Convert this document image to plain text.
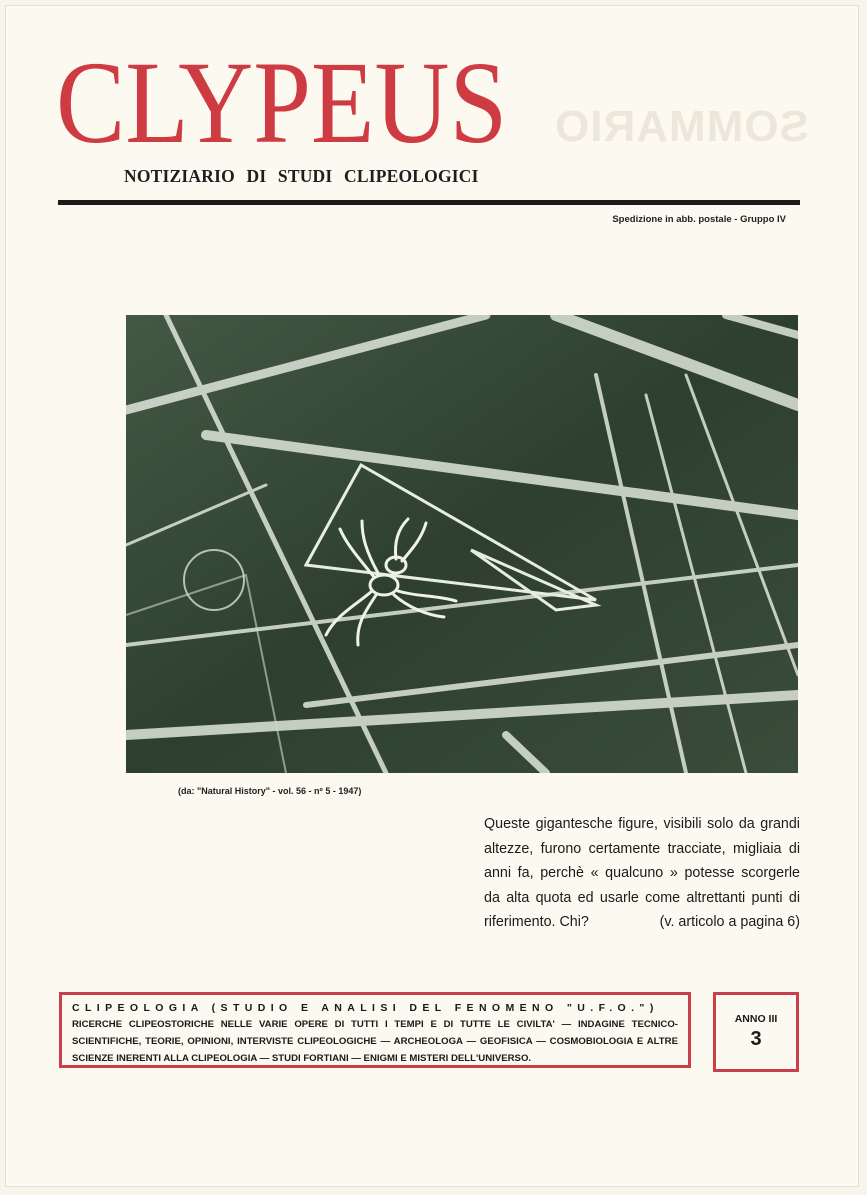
SOMMARIO
CLYPEUS
NOTIZIARIO DI STUDI CLIPEOLOGICI
Spedizione in abb. postale - Gruppo IV
(da: "Natural History" - vol. 56 - nº 5 - 1947)
Queste gigantesche figure, visibili solo da grandi altezze, furono certamente tracciate, migliaia di anni fa, perchè « qualcuno » potesse scorgerle da alta quota ed usarle come altrettanti punti di riferimento. Chi?	(v. articolo a pagina 6)
CLIPEOLOGIA (STUDIO E ANALISI DEL FENOMENO "U.F.O.")
RICERCHE CLIPEOSTORICHE NELLE VARIE OPERE DI TUTTI I TEMPI E DI TUTTE LE CIVILTA' — INDAGINE TECNICO-SCIENTIFICHE, TEORIE, OPINIONI, INTERVISTE CLIPEOLOGICHE — ARCHEOLOGA — GEOFISICA — COSMOBIOLOGIA E ALTRE SCIENZE INERENTI ALLA CLIPEOLOGIA — STUDI FORTIANI — ENIGMI E MISTERI DELL'UNIVERSO.
ANNO III
3
